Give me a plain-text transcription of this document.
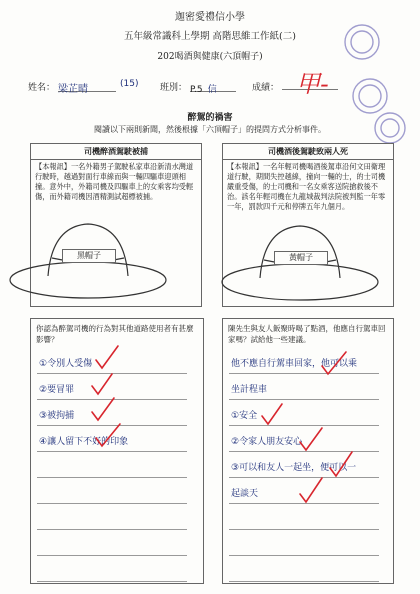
迦密愛禮信小學
五年級常識科上學期 高階思維工作紙(二)
202喝酒與健康(六頂帽子)
姓名： 梁芷晴	(15) 班別： P.5 信	成績： 甲-
醉駕的禍害
閱讀以下兩則新聞，然後根據「六頂帽子」的提問方式分析事件。
司機醉酒駕駛被捕
【本報訊】一名外籍男子駕駛私家車沿新清水灣道行駛時，越過對面行車線而與一輛四驅車迎頭相撞。意外中，外籍司機及四驅車上的女乘客均受輕傷，而外籍司機因酒精測試超標被捕。
司機酒後駕駛致兩人死
【本報訊】一名年輕司機喝酒後駕車沿何文田衛理道行駛，期間失控越線，撞向一輛的士，的士司機嚴重受傷，的士司機和一名女乘客送院搶救後不治。該名年輕司機在九龍城裁判法院被判監一年零一年，罰款四千元和停牌五年九個月。
黑帽子	黃帽子
你認為醉駕司機的行為對其他道路使用者有甚麼影響？
①令別人受傷
②要冒罪
③被拘捕
④讓人留下不好的印象
陳先生與友人飯聚時喝了點酒，他應自行駕車回家嗎？試給他一些建議。
他不應自行駕車回家，他可以乘
坐計程車
①安全
②令家人朋友安心
③可以和友人一起坐，便可以一
起談天
